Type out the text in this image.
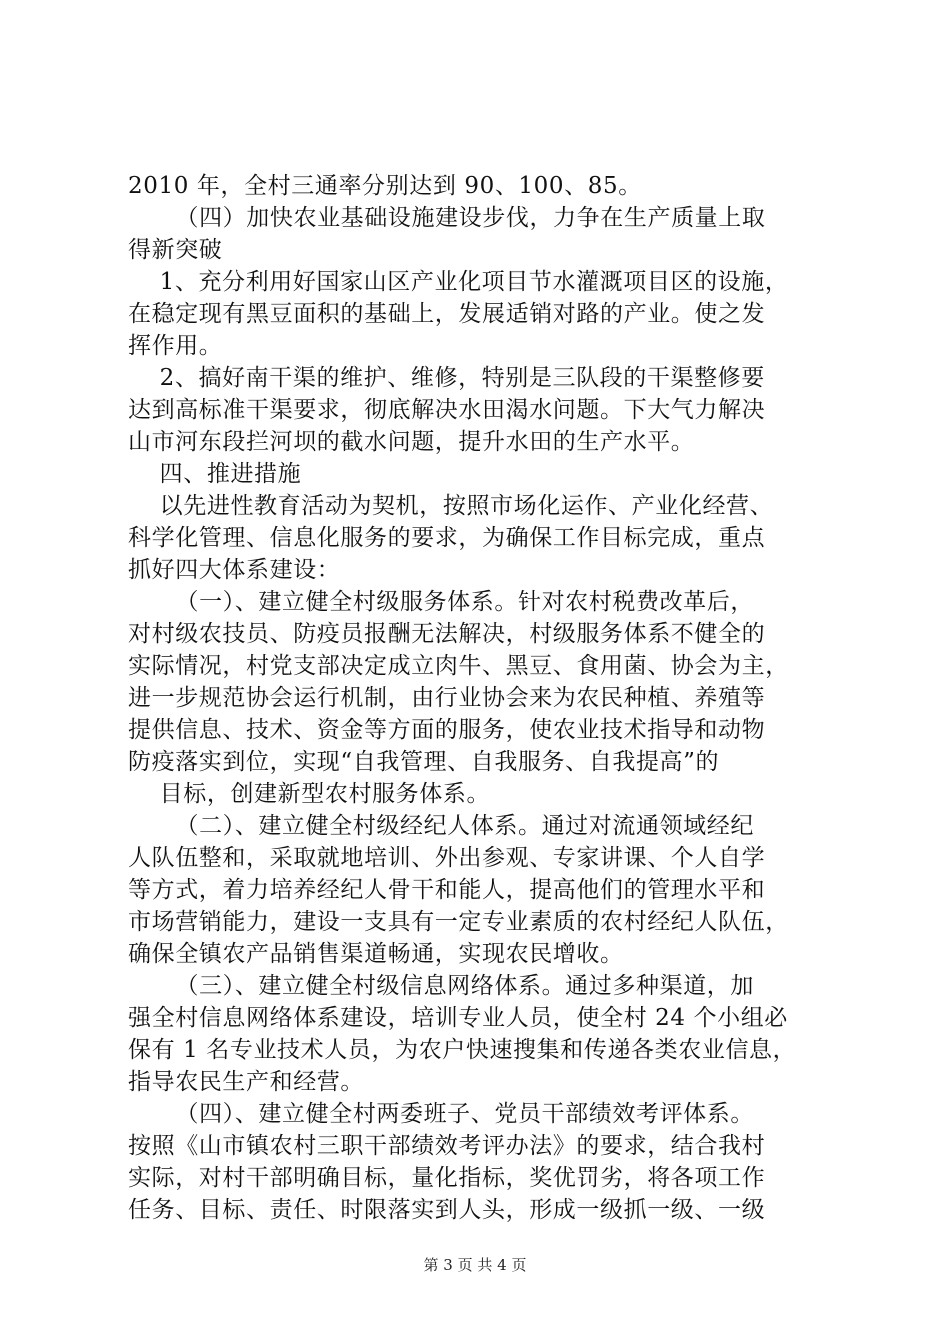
2010 年，全村三通率分别达到 90、100、85。
（四）加快农业基础设施建设步伐，力争在生产质量上取
得新突破
1、充分利用好国家山区产业化项目节水灌溉项目区的设施，
在稳定现有黑豆面积的基础上，发展适销对路的产业。使之发
挥作用。
2、搞好南干渠的维护、维修，特别是三队段的干渠整修要
达到高标准干渠要求，彻底解决水田渴水问题。下大气力解决
山市河东段拦河坝的截水问题，提升水田的生产水平。
四、推进措施
以先进性教育活动为契机，按照市场化运作、产业化经营、
科学化管理、信息化服务的要求，为确保工作目标完成，重点
抓好四大体系建设：
（一）、建立健全村级服务体系。针对农村税费改革后，
对村级农技员、防疫员报酬无法解决，村级服务体系不健全的
实际情况，村党支部决定成立肉牛、黑豆、食用菌、协会为主，
进一步规范协会运行机制，由行业协会来为农民种植、养殖等
提供信息、技术、资金等方面的服务，使农业技术指导和动物
防疫落实到位，实现“自我管理、自我服务、自我提高”的
目标，创建新型农村服务体系。
（二）、建立健全村级经纪人体系。通过对流通领域经纪
人队伍整和，采取就地培训、外出参观、专家讲课、个人自学
等方式，着力培养经纪人骨干和能人，提高他们的管理水平和
市场营销能力，建设一支具有一定专业素质的农村经纪人队伍，
确保全镇农产品销售渠道畅通，实现农民增收。
（三）、建立健全村级信息网络体系。通过多种渠道，加
强全村信息网络体系建设，培训专业人员，使全村 24 个小组必
保有 1 名专业技术人员，为农户快速搜集和传递各类农业信息，
指导农民生产和经营。
（四）、建立健全村两委班子、党员干部绩效考评体系。
按照《山市镇农村三职干部绩效考评办法》的要求，结合我村
实际，对村干部明确目标，量化指标，奖优罚劣，将各项工作
任务、目标、责任、时限落实到人头，形成一级抓一级、一级
第 3 页 共 4 页
